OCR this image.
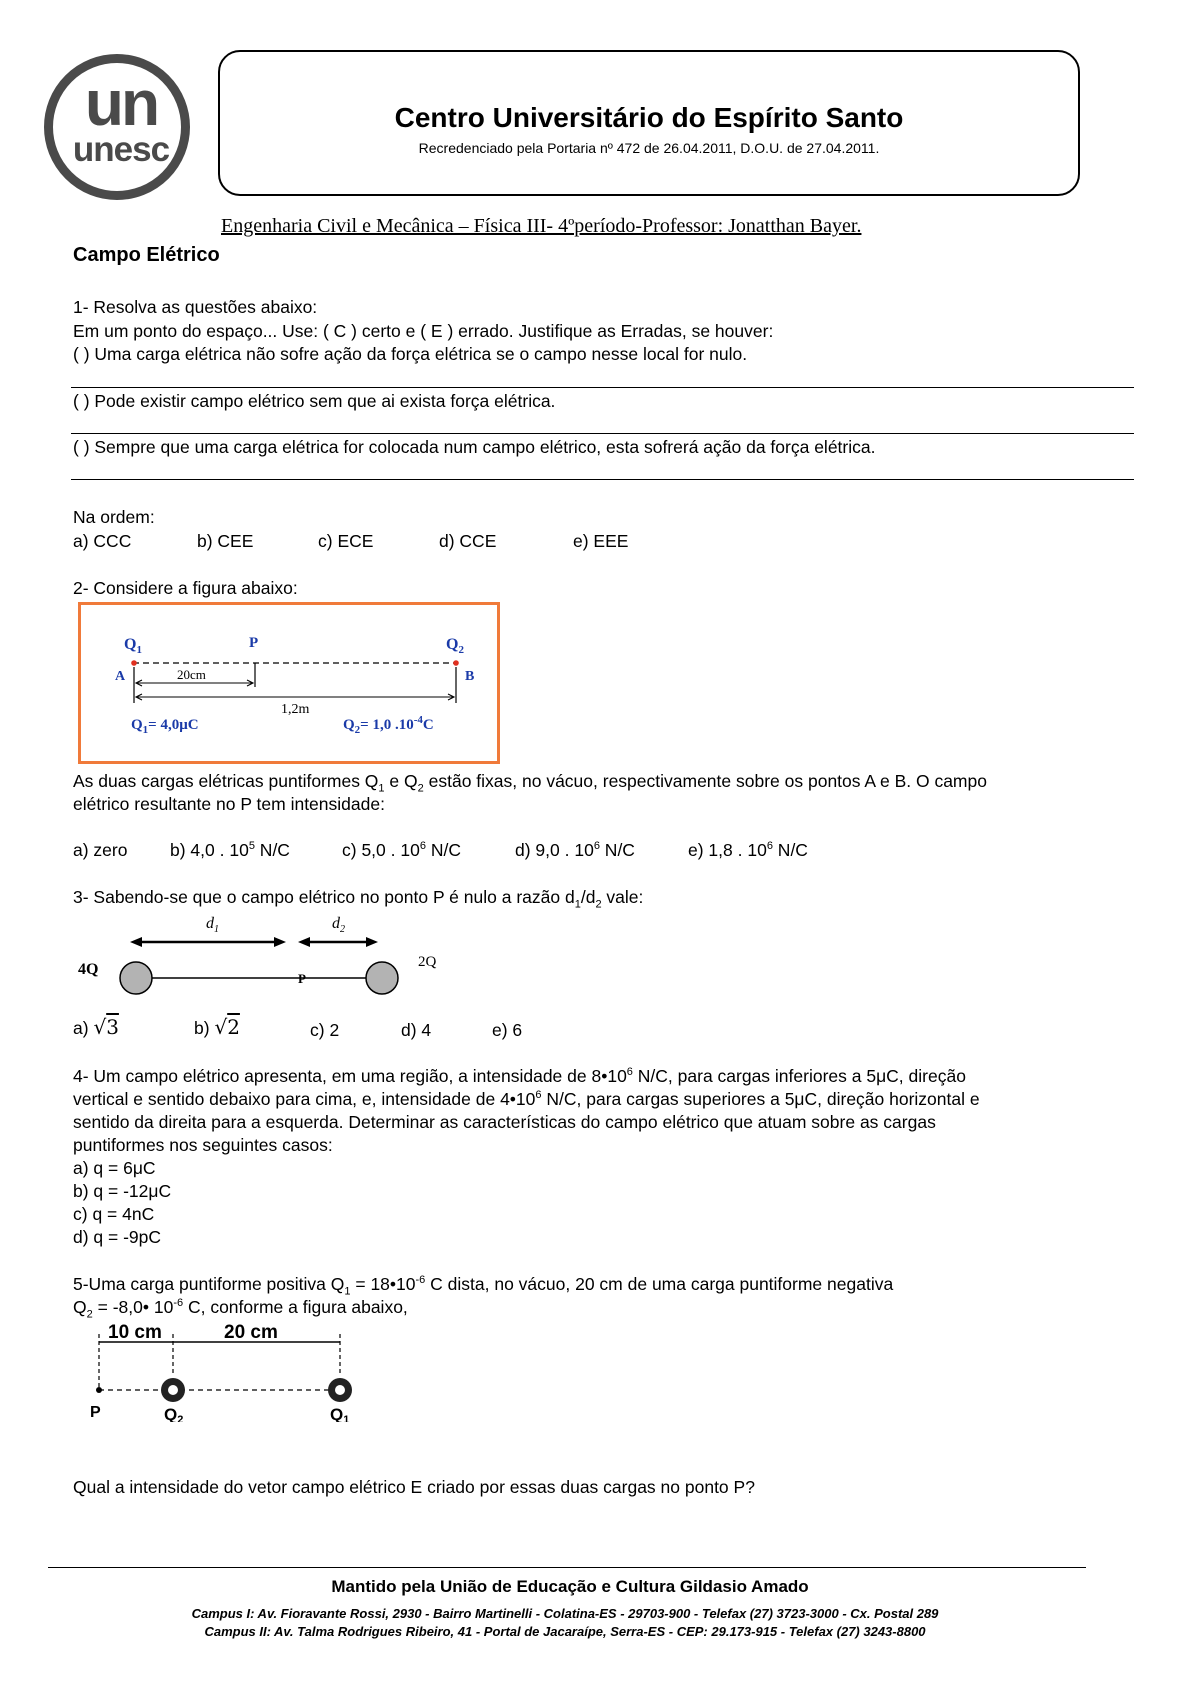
un
unesc
Centro Universitário do Espírito Santo
Recredenciado pela Portaria nº 472 de 26.04.2011, D.O.U. de 27.04.2011.
Engenharia Civil e Mecânica – Física III- 4ºperíodo-Professor: Jonatthan Bayer.
Campo Elétrico
1- Resolva as questões abaixo:
Em um ponto do espaço... Use: ( C ) certo e ( E ) errado. Justifique as Erradas, se houver:
( ) Uma carga elétrica não sofre ação da força elétrica se o campo nesse local for nulo.
( ) Pode existir campo elétrico sem que ai exista força elétrica.
( ) Sempre que uma carga elétrica for colocada num campo elétrico, esta sofrerá ação da força elétrica.
Na ordem:
a) CCC	b) CEE	c) ECE	d) CCE	e) EEE
2- Considere a figura abaixo:
$Q_1$	P	$Q_2$
A	B
20cm
1,2m
$Q_1= 4,0\mu C$	$Q_2= 1,0$ $.10^{-4}C$
As duas cargas elétricas puntiformes $Q_1$ e $Q_2$ estão fixas, no vácuo, respectivamente sobre os pontos A e B. O campo
elétrico resultante no P tem intensidade:
a) zero b) 4,0 . $10^5$ N/C	c) 5,0 . $10^6$ N/C	d) 9,0 . $10^6$ N/C	e) 1,8 . $10^6$ N/C
3- Sabendo-se que o campo elétrico no ponto P é nulo a razão $d_1/d_2$ vale:
$d_1$	$d_2$
4Q	2Q
P
a) √3	b) √2	c) 2	d) 4	e) 6
4- Um campo elétrico apresenta, em uma região, a intensidade de $8•10^6$ N/C, para cargas inferiores a 5μC, direção
vertical e sentido debaixo para cima, e, intensidade de $4•10^6$ N/C, para cargas superiores a 5μC, direção horizontal e
sentido da direita para a esquerda. Determinar as características do campo elétrico que atuam sobre as cargas
puntiformes nos seguintes casos:
a) q = 6μC
b) q = -12μC
c) q = 4nC
d) q = -9pC
5-Uma carga puntiforme positiva $Q_1$ = $18•10^{-6}$ C dista, no vácuo, 20 cm de uma carga puntiforme negativa
$Q_2$ = -8,0• $10^{-6}$ C, conforme a figura abaixo,
10 cm	20 cm
P	Q2	Q1
Qual a intensidade do vetor campo elétrico E criado por essas duas cargas no ponto P?
Mantido pela União de Educação e Cultura Gildasio Amado
Campus I: Av. Fioravante Rossi, 2930 - Bairro Martinelli - Colatina-ES - 29703-900 - Telefax (27) 3723-3000 - Cx. Postal 289
Campus II: Av. Talma Rodrigues Ribeiro, 41 - Portal de Jacaraípe, Serra-ES - CEP: 29.173-915 - Telefax (27) 3243-8800
